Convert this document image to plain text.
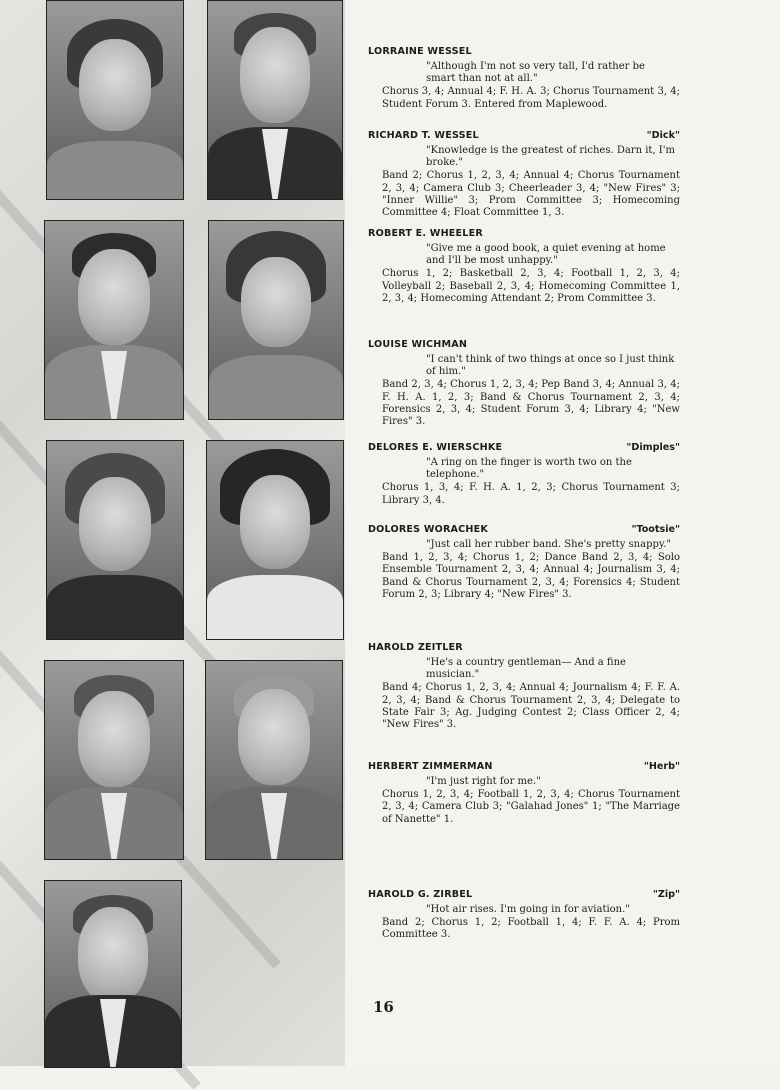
LORRAINE WESSEL
"Although I'm not so very tall, I'd rather be smart than not at all."
Chorus 3, 4; Annual 4; F. H. A. 3; Chorus Tournament 3, 4; Student Forum 3. Entered from Maplewood.
RICHARD T. WESSEL	"Dick"
"Knowledge is the greatest of riches. Darn it, I'm broke."
Band 2; Chorus 1, 2, 3, 4; Annual 4; Chorus Tournament 2, 3, 4; Camera Club 3; Cheerleader 3, 4; "New Fires" 3; "Inner Willie" 3; Prom Committee 3; Homecoming Committee 4; Float Committee 1, 3.
ROBERT E. WHEELER
"Give me a good book, a quiet evening at home and I'll be most unhappy."
Chorus 1, 2; Basketball 2, 3, 4; Football 1, 2, 3, 4; Volleyball 2; Baseball 2, 3, 4; Homecoming Committee 1, 2, 3, 4; Homecoming Attendant 2; Prom Committee 3.
LOUISE WICHMAN
"I can't think of two things at once so I just think of him."
Band 2, 3, 4; Chorus 1, 2, 3, 4; Pep Band 3, 4; Annual 3, 4; F. H. A. 1, 2, 3; Band & Chorus Tournament 2, 3, 4; Forensics 2, 3, 4; Student Forum 3, 4; Library 4; "New Fires" 3.
DELORES E. WIERSCHKE	"Dimples"
"A ring on the finger is worth two on the telephone."
Chorus 1, 3, 4; F. H. A. 1, 2, 3; Chorus Tournament 3; Library 3, 4.
DOLORES WORACHEK	"Tootsie"
"Just call her rubber band. She's pretty snappy."
Band 1, 2, 3, 4; Chorus 1, 2; Dance Band 2, 3, 4; Solo Ensemble Tournament 2, 3, 4; Annual 4; Journalism 3, 4; Band & Chorus Tournament 2, 3, 4; Forensics 4; Student Forum 2, 3; Library 4; "New Fires" 3.
HAROLD ZEITLER
"He's a country gentleman— And a fine musician."
Band 4; Chorus 1, 2, 3, 4; Annual 4; Journalism 4; F. F. A. 2, 3, 4; Band & Chorus Tournament 2, 3, 4; Delegate to State Fair 3; Ag. Judging Contest 2; Class Officer 2, 4; "New Fires" 3.
HERBERT ZIMMERMAN	"Herb"
"I'm just right for me."
Chorus 1, 2, 3, 4; Football 1, 2, 3, 4; Chorus Tournament 2, 3, 4; Camera Club 3; "Galahad Jones" 1; "The Marriage of Nanette" 1.
HAROLD G. ZIRBEL	"Zip"
"Hot air rises. I'm going in for aviation."
Band 2; Chorus 1, 2; Football 1, 4; F. F. A. 4; Prom Committee 3.
16
